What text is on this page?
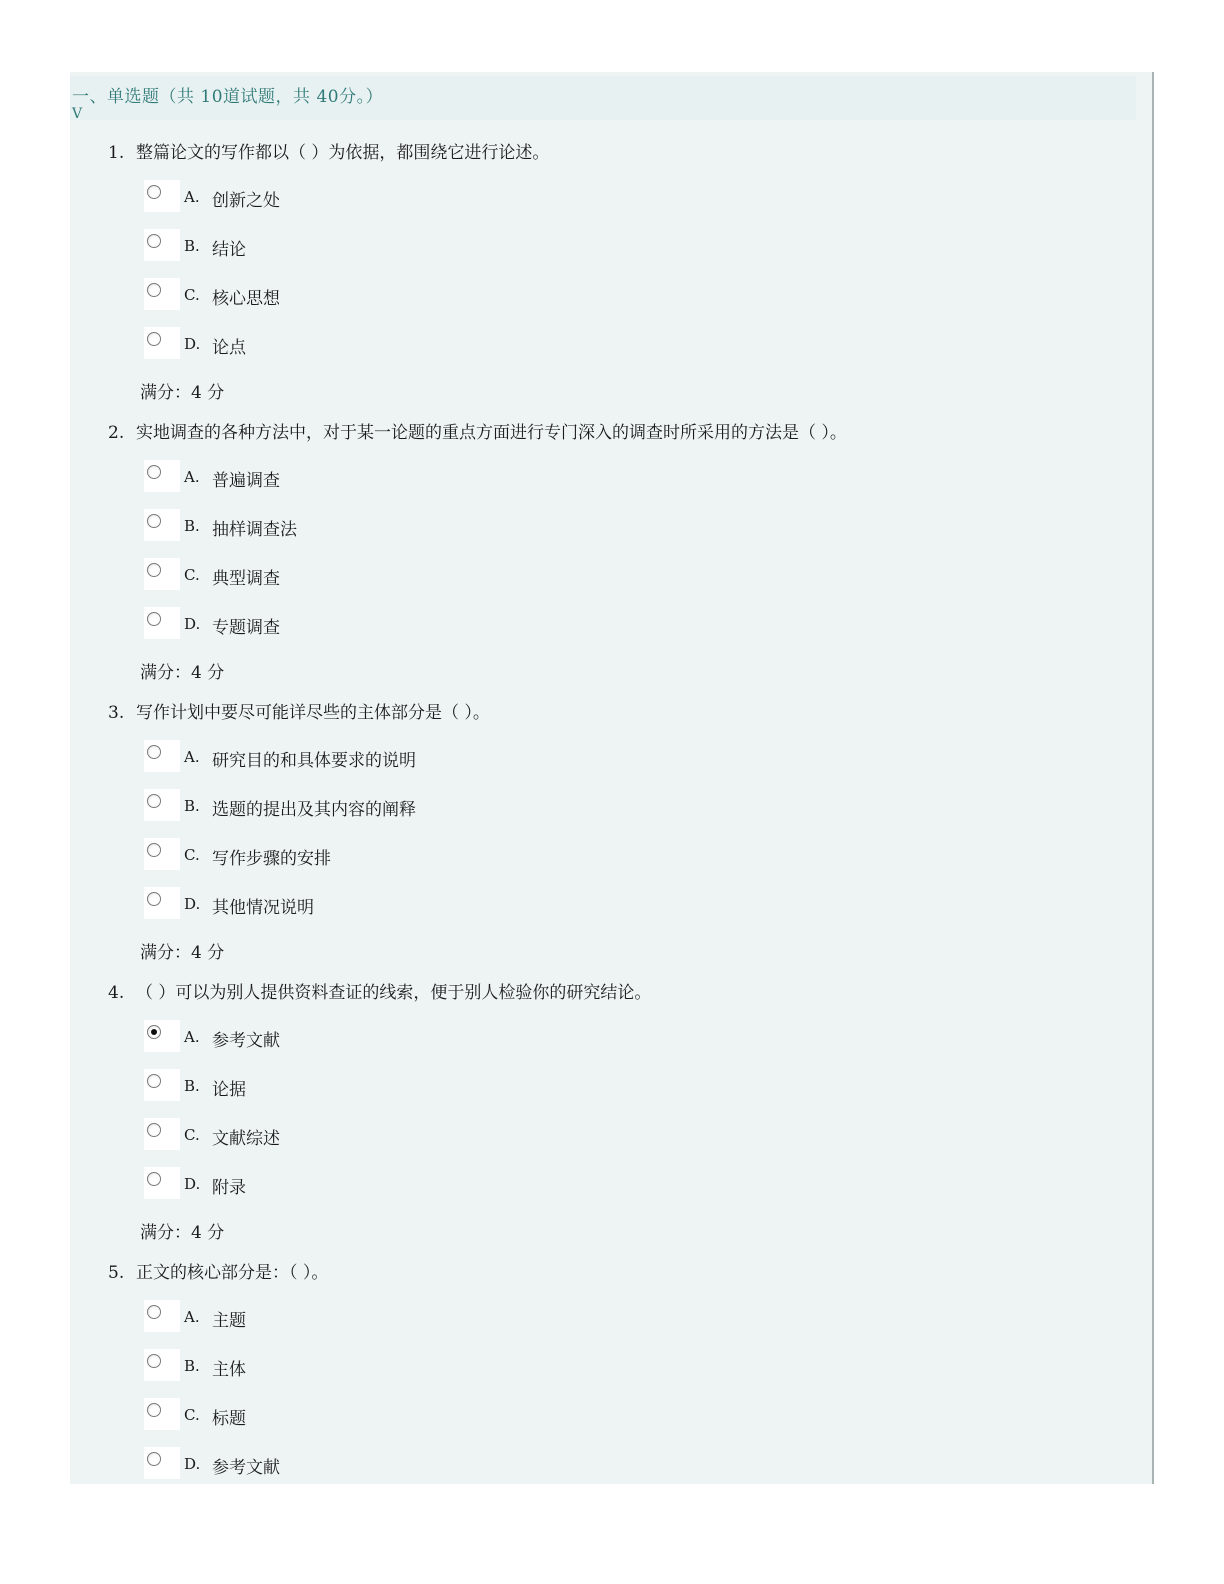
一、单选题（共 10道试题，共 40分。）
V
1. 整篇论文的写作都以（ ）为依据，都围绕它进行论述。
A. 创新之处
B. 结论
C. 核心思想
D. 论点
满分：4 分
2. 实地调查的各种方法中，对于某一论题的重点方面进行专门深入的调查时所采用的方法是（ ）。
A. 普遍调查
B. 抽样调查法
C. 典型调查
D. 专题调查
满分：4 分
3. 写作计划中要尽可能详尽些的主体部分是（ ）。
A. 研究目的和具体要求的说明
B. 选题的提出及其内容的阐释
C. 写作步骤的安排
D. 其他情况说明
满分：4 分
4. （ ）可以为别人提供资料查证的线索，便于别人检验你的研究结论。
A. 参考文献
B. 论据
C. 文献综述
D. 附录
满分：4 分
5. 正文的核心部分是：（ ）。
A. 主题
B. 主体
C. 标题
D. 参考文献
